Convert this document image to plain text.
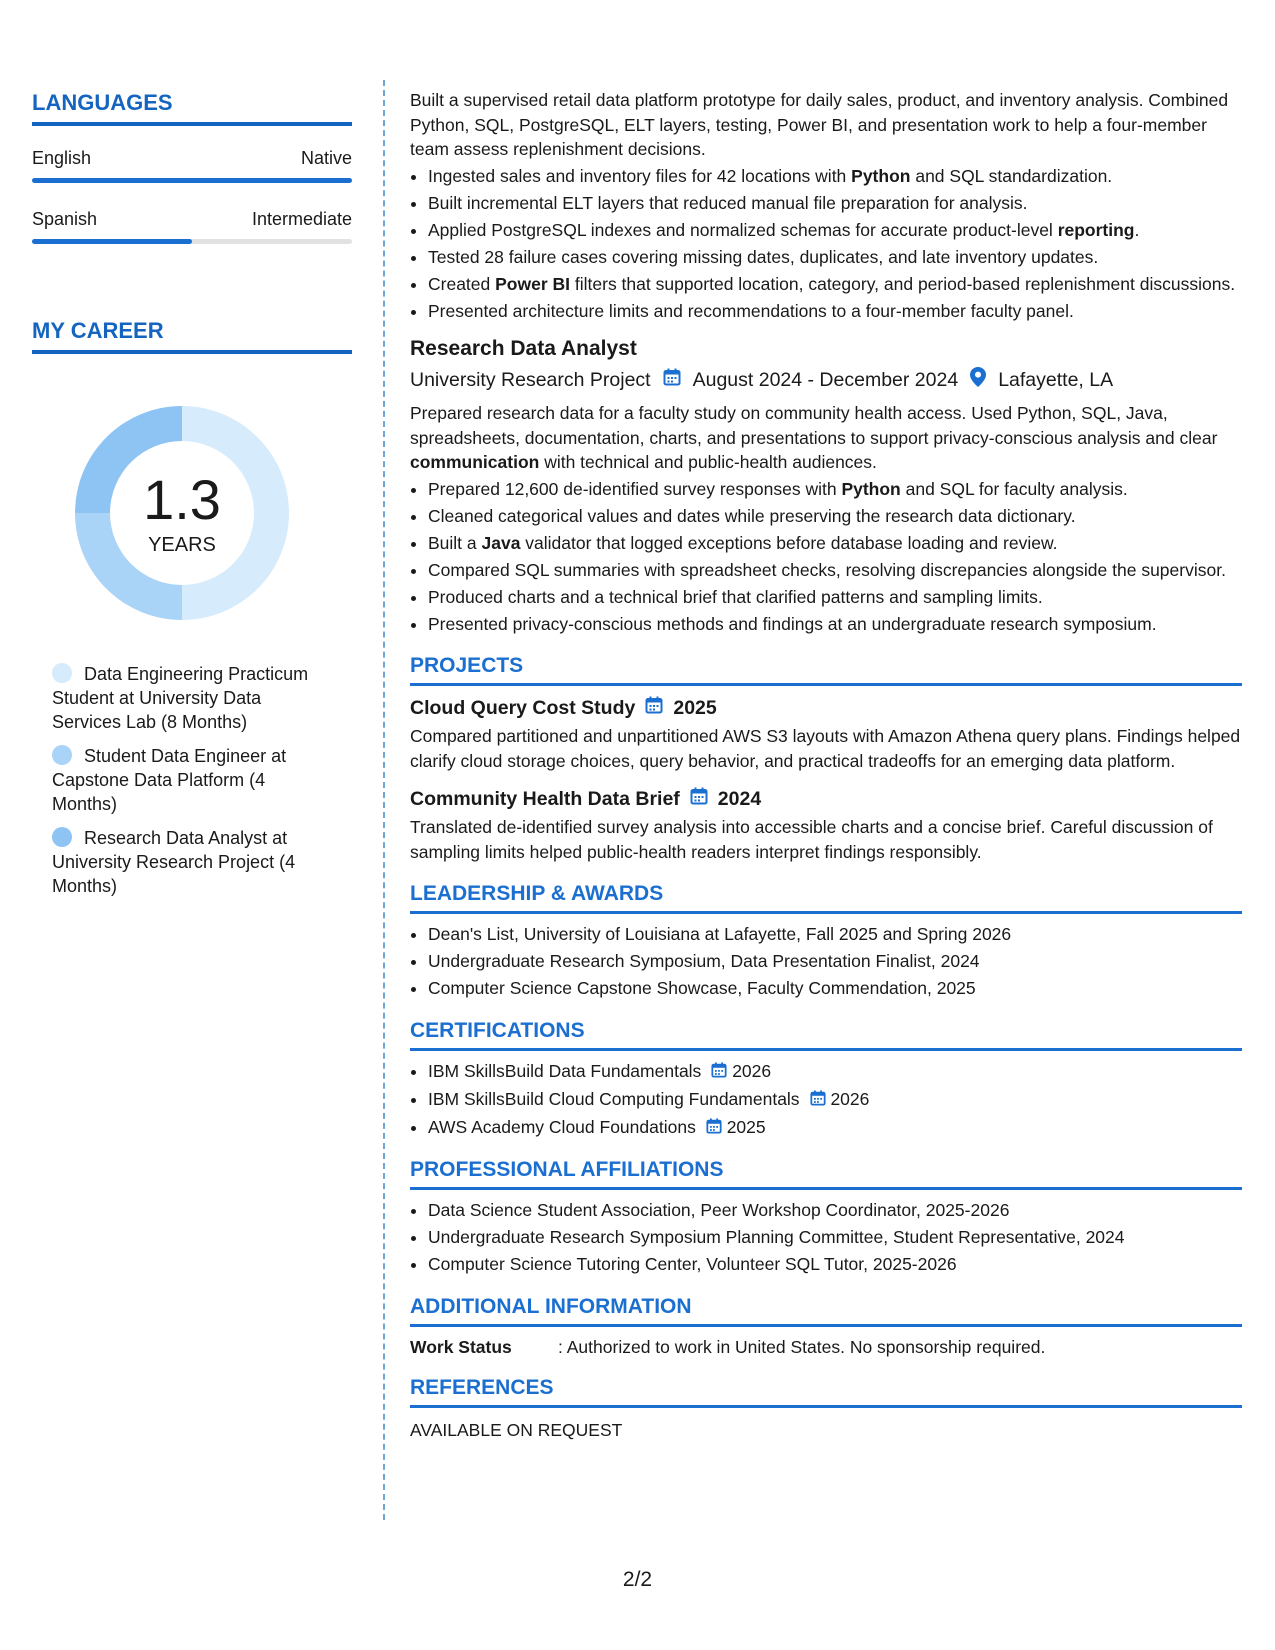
LANGUAGES
English	Native
Spanish	Intermediate
MY CAREER
1.3
YEARS
Data Engineering Practicum Student at University Data Services Lab (8 Months)
Student Data Engineer at Capstone Data Platform (4 Months)
Research Data Analyst at University Research Project (4 Months)

Built a supervised retail data platform prototype for daily sales, product, and inventory analysis. Combined Python, SQL, PostgreSQL, ELT layers, testing, Power BI, and presentation work to help a four-member team assess replenishment decisions.

• Ingested sales and inventory files for 42 locations with Python and SQL standardization.
• Built incremental ELT layers that reduced manual file preparation for analysis.
• Applied PostgreSQL indexes and normalized schemas for accurate product-level reporting.
• Tested 28 failure cases covering missing dates, duplicates, and late inventory updates.
• Created Power BI filters that supported location, category, and period-based replenishment discussions.
• Presented architecture limits and recommendations to a four-member faculty panel.
Research Data Analyst
University Research Project August 2024 - December 2024 Lafayette, LA

Prepared research data for a faculty study on community health access. Used Python, SQL, Java, spreadsheets, documentation, charts, and presentations to support privacy-conscious analysis and clear communication with technical and public-health audiences.

• Prepared 12,600 de-identified survey responses with Python and SQL for faculty analysis.
• Cleaned categorical values and dates while preserving the research data dictionary.
• Built a Java validator that logged exceptions before database loading and review.
• Compared SQL summaries with spreadsheet checks, resolving discrepancies alongside the supervisor.
• Produced charts and a technical brief that clarified patterns and sampling limits.
• Presented privacy-conscious methods and findings at an undergraduate research symposium.
PROJECTS
Cloud Query Cost Study 2025

Compared partitioned and unpartitioned AWS S3 layouts with Amazon Athena query plans. Findings helped clarify cloud storage choices, query behavior, and practical tradeoffs for an emerging data platform.

Community Health Data Brief 2024

Translated de-identified survey analysis into accessible charts and a concise brief. Careful discussion of sampling limits helped public-health readers interpret findings responsibly.

LEADERSHIP & AWARDS
• Dean's List, University of Louisiana at Lafayette, Fall 2025 and Spring 2026
• Undergraduate Research Symposium, Data Presentation Finalist, 2024
• Computer Science Capstone Showcase, Faculty Commendation, 2025
CERTIFICATIONS
• IBM SkillsBuild Data Fundamentals 2026
• IBM SkillsBuild Cloud Computing Fundamentals 2026
• AWS Academy Cloud Foundations 2025
PROFESSIONAL AFFILIATIONS
• Data Science Student Association, Peer Workshop Coordinator, 2025-2026
• Undergraduate Research Symposium Planning Committee, Student Representative, 2024
• Computer Science Tutoring Center, Volunteer SQL Tutor, 2025-2026
ADDITIONAL INFORMATION
Work Status	: Authorized to work in United States. No sponsorship required.
REFERENCES
AVAILABLE ON REQUEST
2/2
